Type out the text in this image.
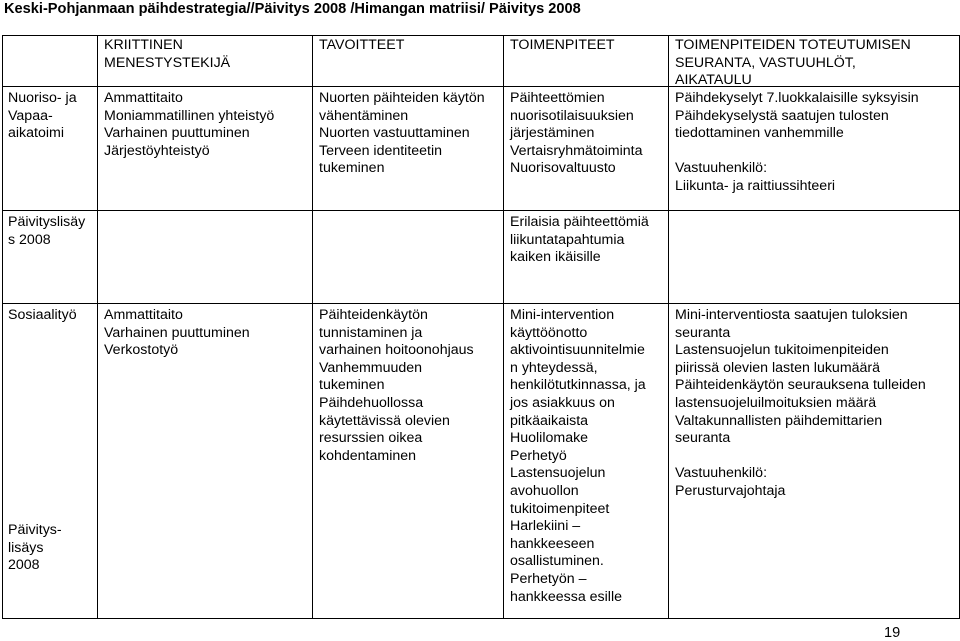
Keski-Pohjanmaan päihdestrategia//Päivitys 2008 /Himangan matriisi/ Päivitys 2008
KRIITTINEN
MENESTYSTEKIJÄ
TAVOITTEET	TOIMENPITEET	TOIMENPITEIDEN TOTEUTUMISEN
SEURANTA, VASTUUHLÖT,
AIKATAULU
Nuoriso- ja
Vapaa-
aikatoimi
Ammattitaito
Moniammatillinen yhteistyö
Varhainen puuttuminen
Järjestöyhteistyö
Nuorten päihteiden käytön
vähentäminen
Nuorten vastuuttaminen
Terveen identiteetin
tukeminen
Päihteettömien
nuorisotilaisuuksien
järjestäminen
Vertaisryhmätoiminta
Nuorisovaltuusto
Päihdekyselyt 7.luokkalaisille syksyisin
Päihdekyselystä saatujen tulosten
tiedottaminen vanhemmille

Vastuuhenkilö:
Liikunta- ja raittiussihteeri
Päivityslisäy
s 2008
Erilaisia päihteettömiä
liikuntatapahtumia
kaiken ikäisille
Sosiaalityö
Päivitys-
lisäys
2008
Ammattitaito
Varhainen puuttuminen
Verkostotyö
Päihteidenkäytön
tunnistaminen ja
varhainen hoitoonohjaus
Vanhemmuuden
tukeminen
Päihdehuollossa
käytettävissä olevien
resurssien oikea
kohdentaminen
Mini-intervention
käyttöönotto
aktivointisuunnitelmie
n yhteydessä,
henkilötutkinnassa, ja
jos asiakkuus on
pitkäaikaista
Huolilomake
Perhetyö
Lastensuojelun
avohuollon
tukitoimenpiteet
Harlekiini –
hankkeeseen
osallistuminen.
Perhetyön –
hankkeessa esille
Mini-interventiosta saatujen tuloksien
seuranta
Lastensuojelun tukitoimenpiteiden
piirissä olevien lasten lukumäärä
Päihteidenkäytön seurauksena tulleiden
lastensuojeluilmoituksien määrä
Valtakunnallisten päihdemittarien
seuranta

Vastuuhenkilö:
Perusturvajohtaja
19
